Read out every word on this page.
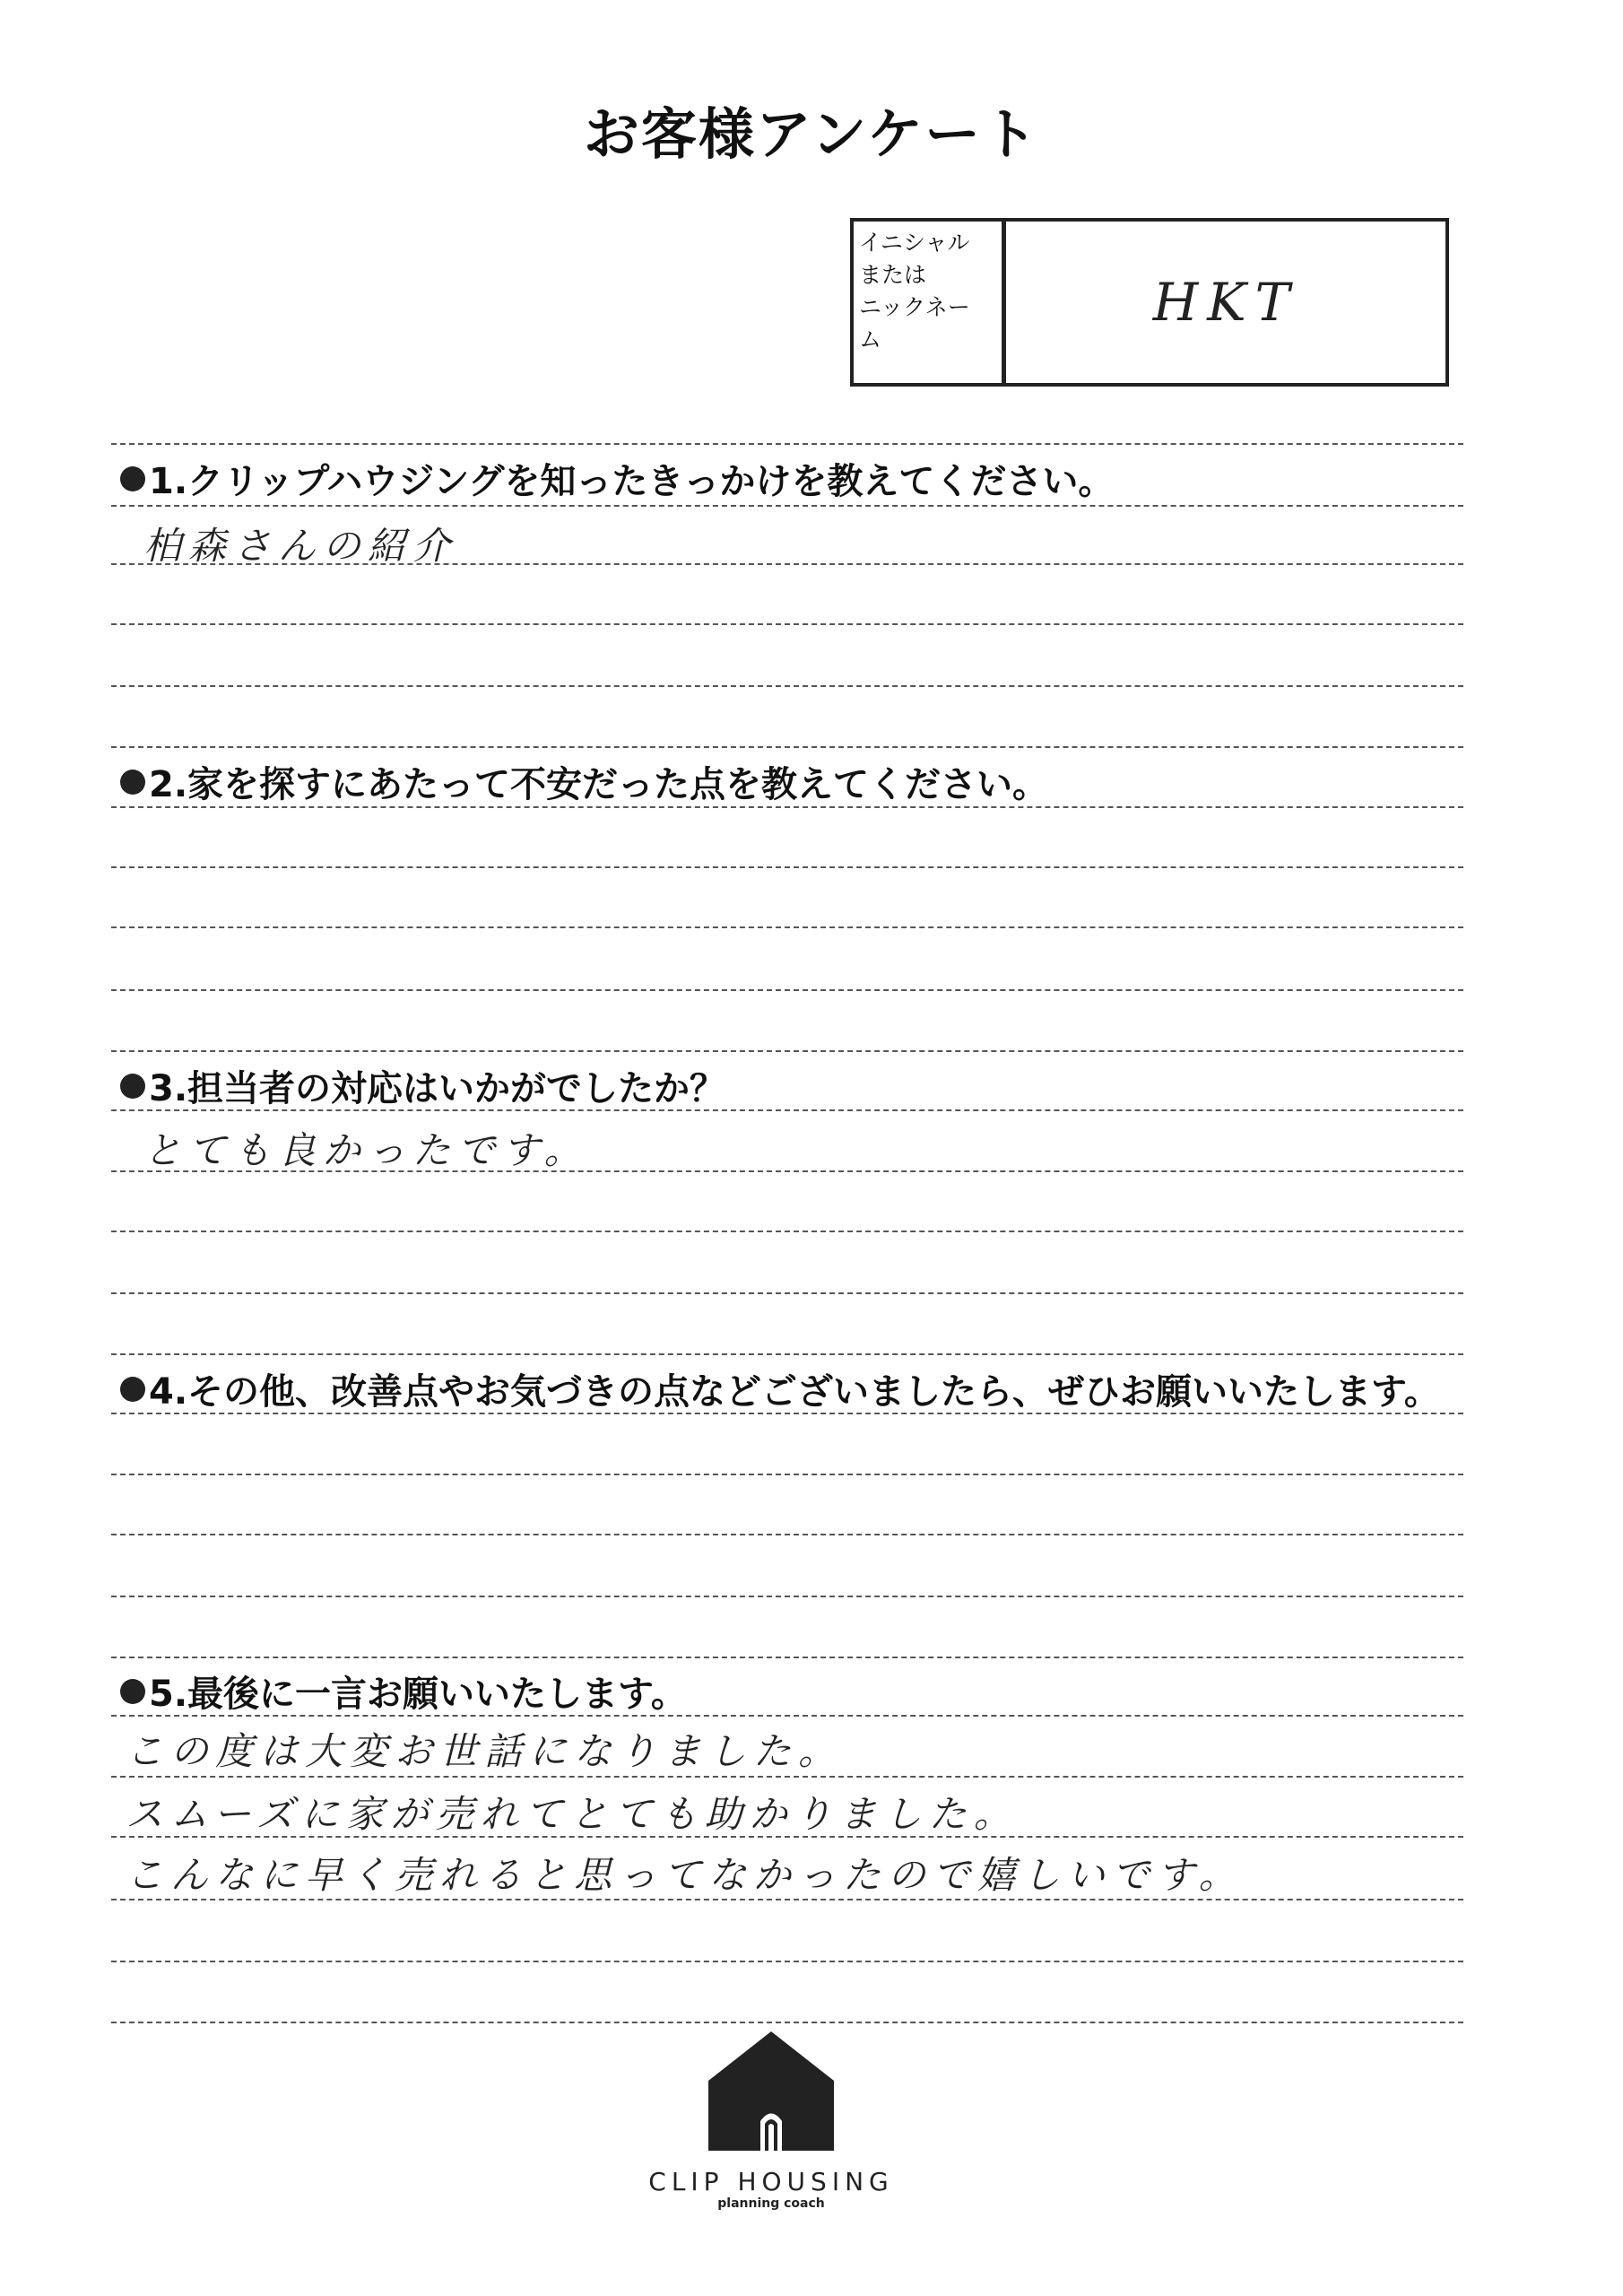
お客様アンケート
イニシャル
または
ニックネー
ム
HKT
1.クリップハウジングを知ったきっかけを教えてください。
柏森さんの紹介
2.家を探すにあたって不安だった点を教えてください。
3.担当者の対応はいかがでしたか？
とても良かったです。
4.その他、改善点やお気づきの点などございましたら、ぜひお願いいたします。
5.最後に一言お願いいたします。
この度は大変お世話になりました。
スムーズに家が売れてとても助かりました。
こんなに早く売れると思ってなかったので嬉しいです。
CLIP HOUSING
planning coach
